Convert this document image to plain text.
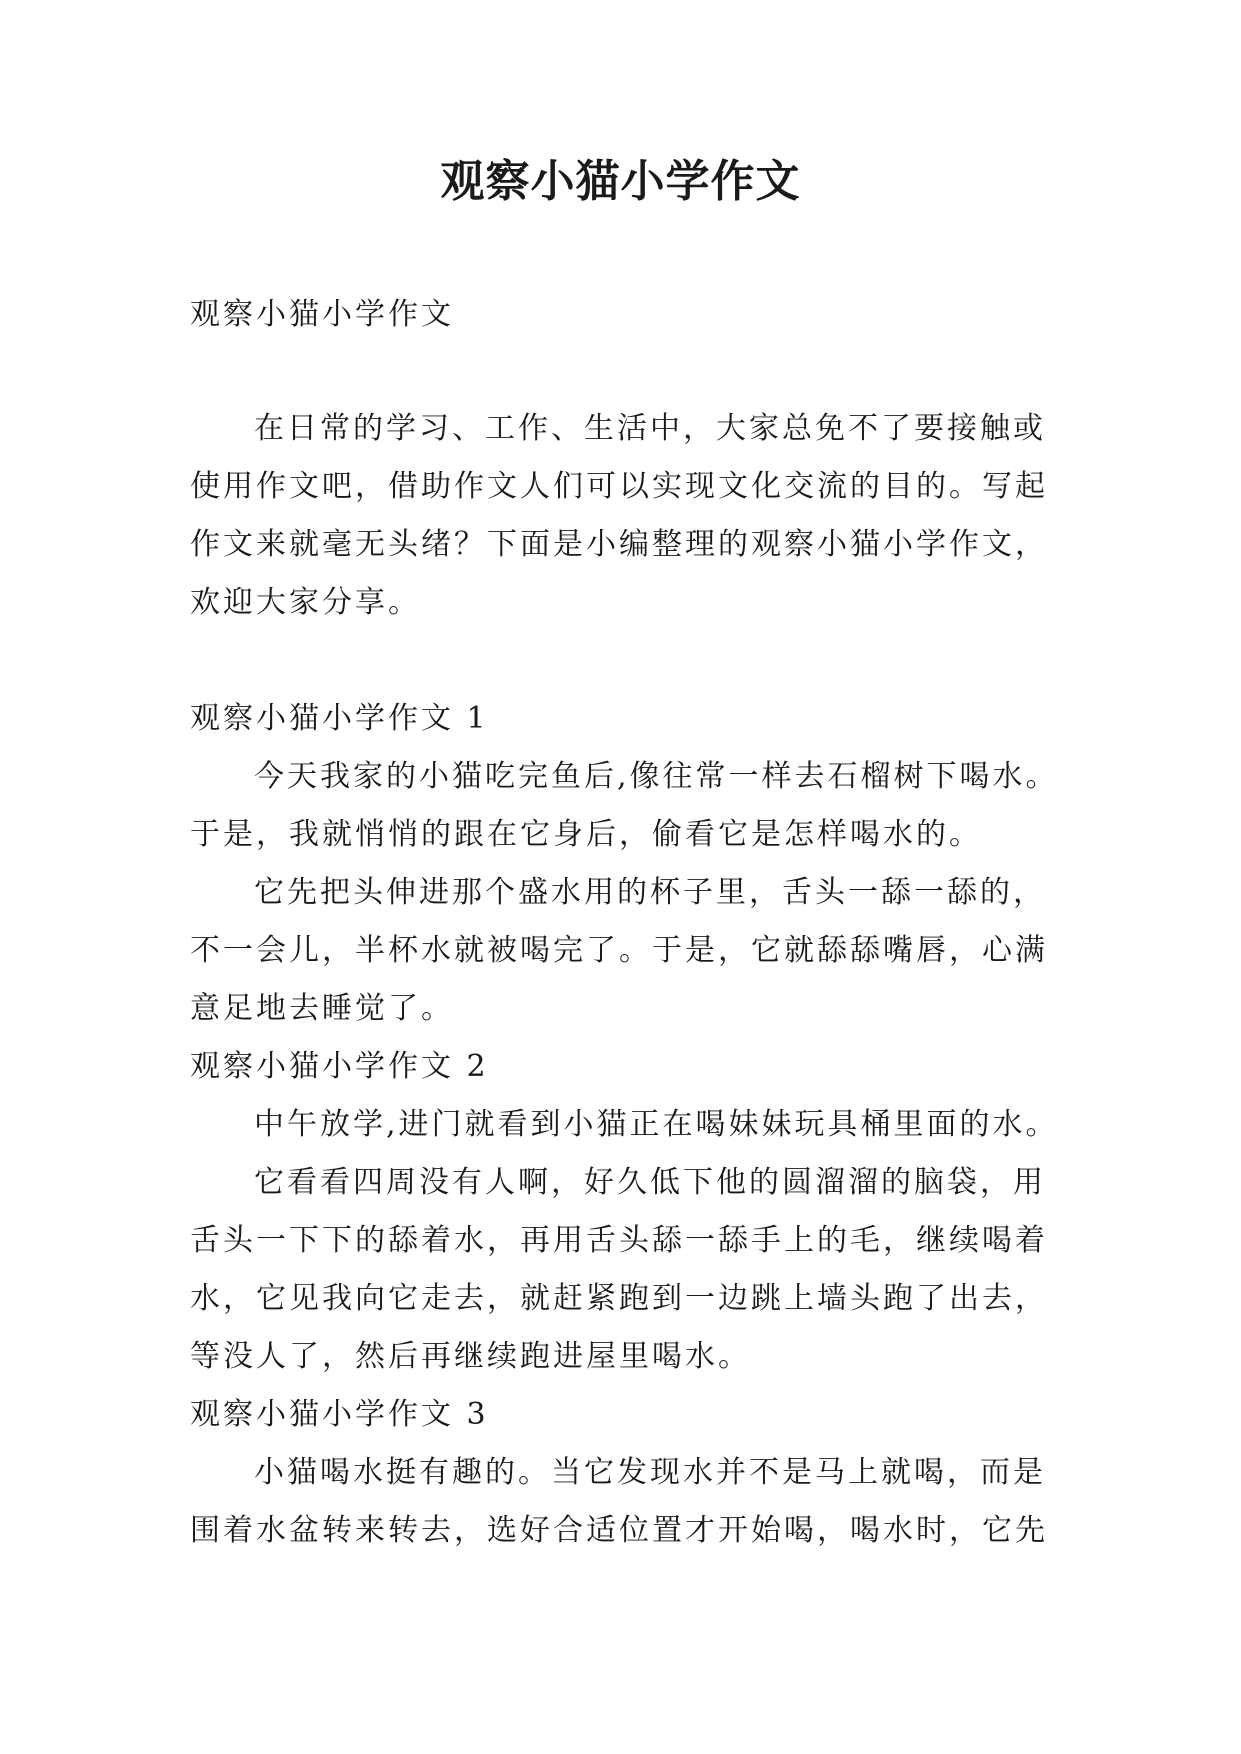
观察小猫小学作文
观察小猫小学作文
在日常的学习、工作、生活中，大家总免不了要接触或
使用作文吧，借助作文人们可以实现文化交流的目的。写起
作文来就毫无头绪？下面是小编整理的观察小猫小学作文，
欢迎大家分享。
观察小猫小学作文 1
今天我家的小猫吃完鱼后,像往常一样去石榴树下喝水。
于是，我就悄悄的跟在它身后，偷看它是怎样喝水的。
它先把头伸进那个盛水用的杯子里，舌头一舔一舔的，
不一会儿，半杯水就被喝完了。于是，它就舔舔嘴唇，心满
意足地去睡觉了。
观察小猫小学作文 2
中午放学,进门就看到小猫正在喝妹妹玩具桶里面的水。
它看看四周没有人啊，好久低下他的圆溜溜的脑袋，用
舌头一下下的舔着水，再用舌头舔一舔手上的毛，继续喝着
水，它见我向它走去，就赶紧跑到一边跳上墙头跑了出去，
等没人了，然后再继续跑进屋里喝水。
观察小猫小学作文 3
小猫喝水挺有趣的。当它发现水并不是马上就喝，而是
围着水盆转来转去，选好合适位置才开始喝，喝水时，它先
